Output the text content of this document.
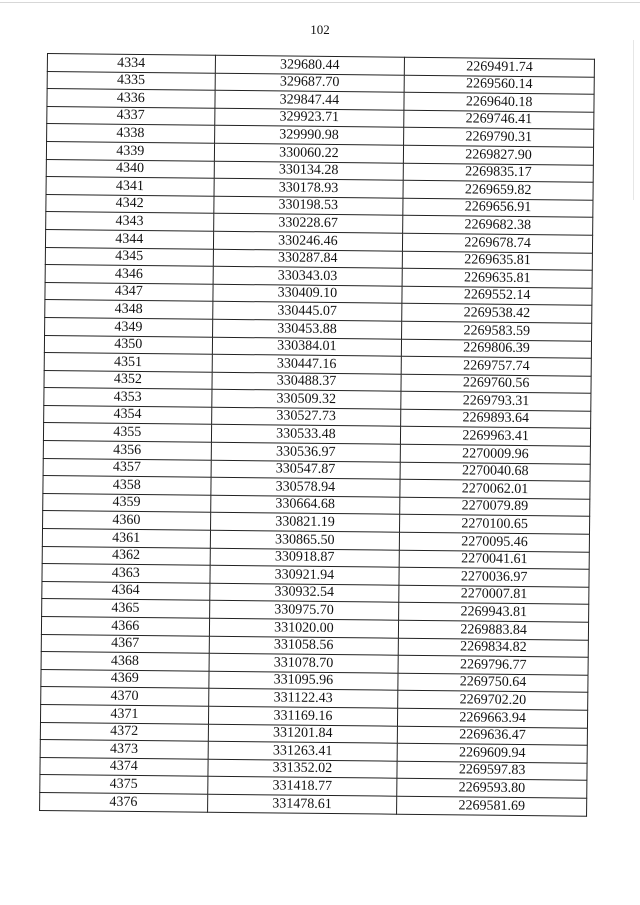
102
4334	329680.44	2269491.74
4335	329687.70	2269560.14
4336	329847.44	2269640.18
4337	329923.71	2269746.41
4338	329990.98	2269790.31
4339	330060.22	2269827.90
4340	330134.28	2269835.17
4341	330178.93	2269659.82
4342	330198.53	2269656.91
4343	330228.67	2269682.38
4344	330246.46	2269678.74
4345	330287.84	2269635.81
4346	330343.03	2269635.81
4347	330409.10	2269552.14
4348	330445.07	2269538.42
4349	330453.88	2269583.59
4350	330384.01	2269806.39
4351	330447.16	2269757.74
4352	330488.37	2269760.56
4353	330509.32	2269793.31
4354	330527.73	2269893.64
4355	330533.48	2269963.41
4356	330536.97	2270009.96
4357	330547.87	2270040.68
4358	330578.94	2270062.01
4359	330664.68	2270079.89
4360	330821.19	2270100.65
4361	330865.50	2270095.46
4362	330918.87	2270041.61
4363	330921.94	2270036.97
4364	330932.54	2270007.81
4365	330975.70	2269943.81
4366	331020.00	2269883.84
4367	331058.56	2269834.82
4368	331078.70	2269796.77
4369	331095.96	2269750.64
4370	331122.43	2269702.20
4371	331169.16	2269663.94
4372	331201.84	2269636.47
4373	331263.41	2269609.94
4374	331352.02	2269597.83
4375	331418.77	2269593.80
4376	331478.61	2269581.69
